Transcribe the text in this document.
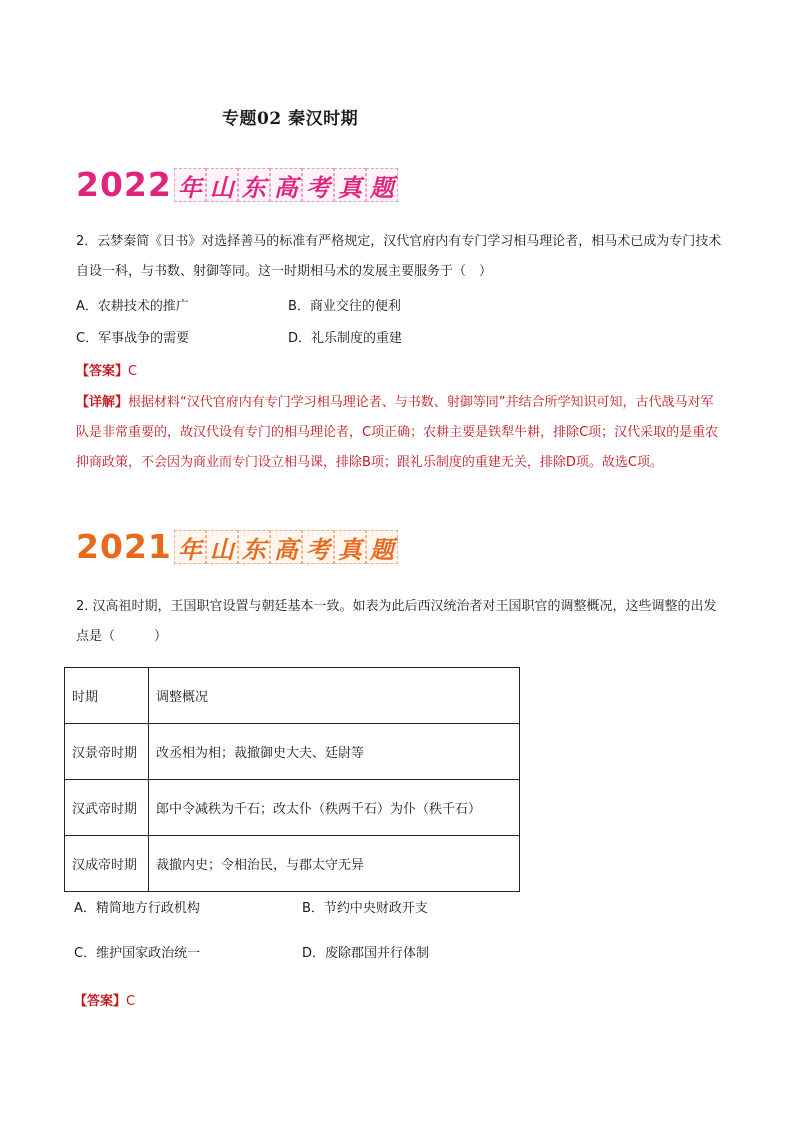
专题02 秦汉时期
2022 年 山 东 高 考 真 题
2．云梦秦简《日书》对选择善马的标准有严格规定，汉代官府内有专门学习相马理论者，相马术已成为专门技术自设一科，与书数、射御等同。这一时期相马术的发展主要服务于（　）
A．农耕技术的推广	B．商业交往的便利
C．军事战争的需要	D．礼乐制度的重建
【答案】C
【详解】根据材料“汉代官府内有专门学习相马理论者、与书数、射御等同”并结合所学知识可知，古代战马对军队是非常重要的，故汉代设有专门的相马理论者，C项正确；农耕主要是铁犁牛耕，排除C项；汉代采取的是重农抑商政策，不会因为商业而专门设立相马课，排除B项；跟礼乐制度的重建无关，排除D项。故选C项。
2021 年 山 东 高 考 真 题
2. 汉高祖时期，王国职官设置与朝廷基本一致。如表为此后西汉统治者对王国职官的调整概况，这些调整的出发点是（　　　）
时期	调整概况
汉景帝时期	改丞相为相；裁撤御史大夫、廷尉等
汉武帝时期	郎中令减秩为千石；改太仆（秩两千石）为仆（秩千石）
汉成帝时期	裁撤内史；令相治民，与郡太守无异
A．精简地方行政机构	B．节约中央财政开支
C．维护国家政治统一	D．废除郡国并行体制
【答案】C
